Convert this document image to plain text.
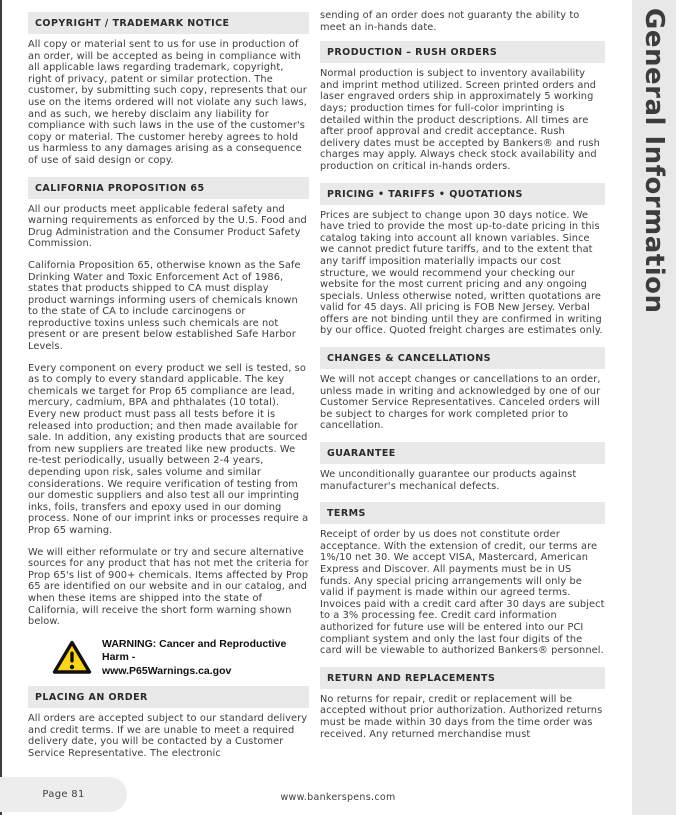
COPYRIGHT / TRADEMARK NOTICE

All copy or material sent to us for use in production of an order, will be accepted as being in compliance with all applicable laws regarding trademark, copyright, right of privacy, patent or similar protection. The customer, by submitting such copy, represents that our use on the items ordered will not violate any such laws, and as such, we hereby disclaim any liability for compliance with such laws in the use of the customer's copy or material. The customer hereby agrees to hold us harmless to any damages arising as a consequence of use of said design or copy.

CALIFORNIA PROPOSITION 65

All our products meet applicable federal safety and warning requirements as enforced by the U.S. Food and Drug Administration and the Consumer Product Safety Commission.

California Proposition 65, otherwise known as the Safe Drinking Water and Toxic Enforcement Act of 1986, states that products shipped to CA must display product warnings informing users of chemicals known to the state of CA to include carcinogens or reproductive toxins unless such chemicals are not present or are present below established Safe Harbor Levels.

Every component on every product we sell is tested, so as to comply to every standard applicable. The key chemicals we target for Prop 65 compliance are lead, mercury, cadmium, BPA and phthalates (10 total). Every new product must pass all tests before it is released into production; and then made available for sale. In addition, any existing products that are sourced from new suppliers are treated like new products. We re-test periodically, usually between 2-4 years, depending upon risk, sales volume and similar considerations. We require verification of testing from our domestic suppliers and also test all our imprinting inks, foils, transfers and epoxy used in our doming process. None of our imprint inks or processes require a Prop 65 warning.

We will either reformulate or try and secure alternative sources for any product that has not met the criteria for Prop 65's list of 900+ chemicals. Items affected by Prop 65 are identified on our website and in our catalog, and when these items are shipped into the state of California, will receive the short form warning shown below.

WARNING: Cancer and Reproductive Harm -
www.P65Warnings.ca.gov
PLACING AN ORDER

All orders are accepted subject to our standard delivery and credit terms. If we are unable to meet a required delivery date, you will be contacted by a Customer Service Representative. The electronic

sending of an order does not guaranty the ability to meet an in-hands date.

PRODUCTION – RUSH ORDERS

Normal production is subject to inventory availability and imprint method utilized. Screen printed orders and laser engraved orders ship in approximately 5 working days; production times for full-color imprinting is detailed within the product descriptions. All times are after proof approval and credit acceptance. Rush delivery dates must be accepted by Bankers® and rush charges may apply. Always check stock availability and production on critical in-hands orders.

PRICING • TARIFFS • QUOTATIONS

Prices are subject to change upon 30 days notice. We have tried to provide the most up-to-date pricing in this catalog taking into account all known variables. Since we cannot predict future tariffs, and to the extent that any tariff imposition materially impacts our cost structure, we would recommend your checking our website for the most current pricing and any ongoing specials. Unless otherwise noted, written quotations are valid for 45 days. All pricing is FOB New Jersey. Verbal offers are not binding until they are confirmed in writing by our office. Quoted freight charges are estimates only.

CHANGES & CANCELLATIONS

We will not accept changes or cancellations to an order, unless made in writing and acknowledged by one of our Customer Service Representatives. Canceled orders will be subject to charges for work completed prior to cancellation.

GUARANTEE

We unconditionally guarantee our products against manufacturer's mechanical defects.

TERMS

Receipt of order by us does not constitute order acceptance. With the extension of credit, our terms are 1%/10 net 30. We accept VISA, Mastercard, American Express and Discover. All payments must be in US funds. Any special pricing arrangements will only be valid if payment is made within our agreed terms. Invoices paid with a credit card after 30 days are subject to a 3% processing fee. Credit card information authorized for future use will be entered into our PCI compliant system and only the last four digits of the card will be viewable to authorized Bankers® personnel.

RETURN AND REPLACEMENTS

No returns for repair, credit or replacement will be accepted without prior authorization. Authorized returns must be made within 30 days from the time order was received. Any returned merchandise must

General Information
Page 81	www.bankerspens.com
